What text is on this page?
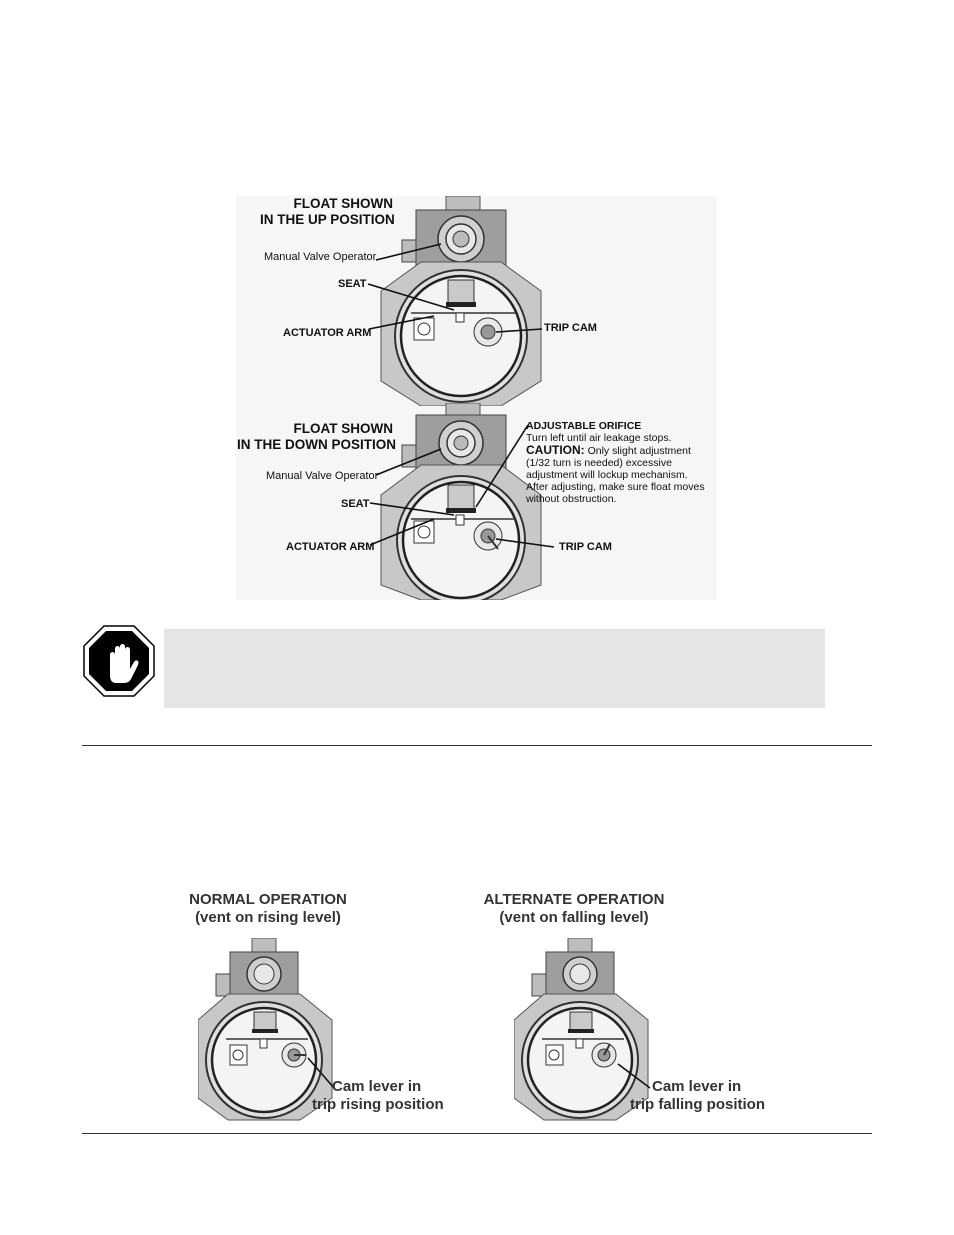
FLOAT SHOWN
IN THE UP POSITION
Manual Valve Operator
SEAT
ACTUATOR ARM	TRIP CAM
FLOAT SHOWN
IN THE DOWN POSITION
Manual Valve Operator
SEAT
ACTUATOR ARM	TRIP CAM
ADJUSTABLE ORIFICE
Turn left until air leakage stops.
CAUTION: Only slight adjustment
(1/32 turn is needed) excessive
adjustment will lockup mechanism.
After adjusting, make sure float moves
without obstruction.
NORMAL OPERATION
(vent on rising level)
ALTERNATE OPERATION
(vent on falling level)
Cam lever in
trip rising position
Cam lever in
trip falling position
